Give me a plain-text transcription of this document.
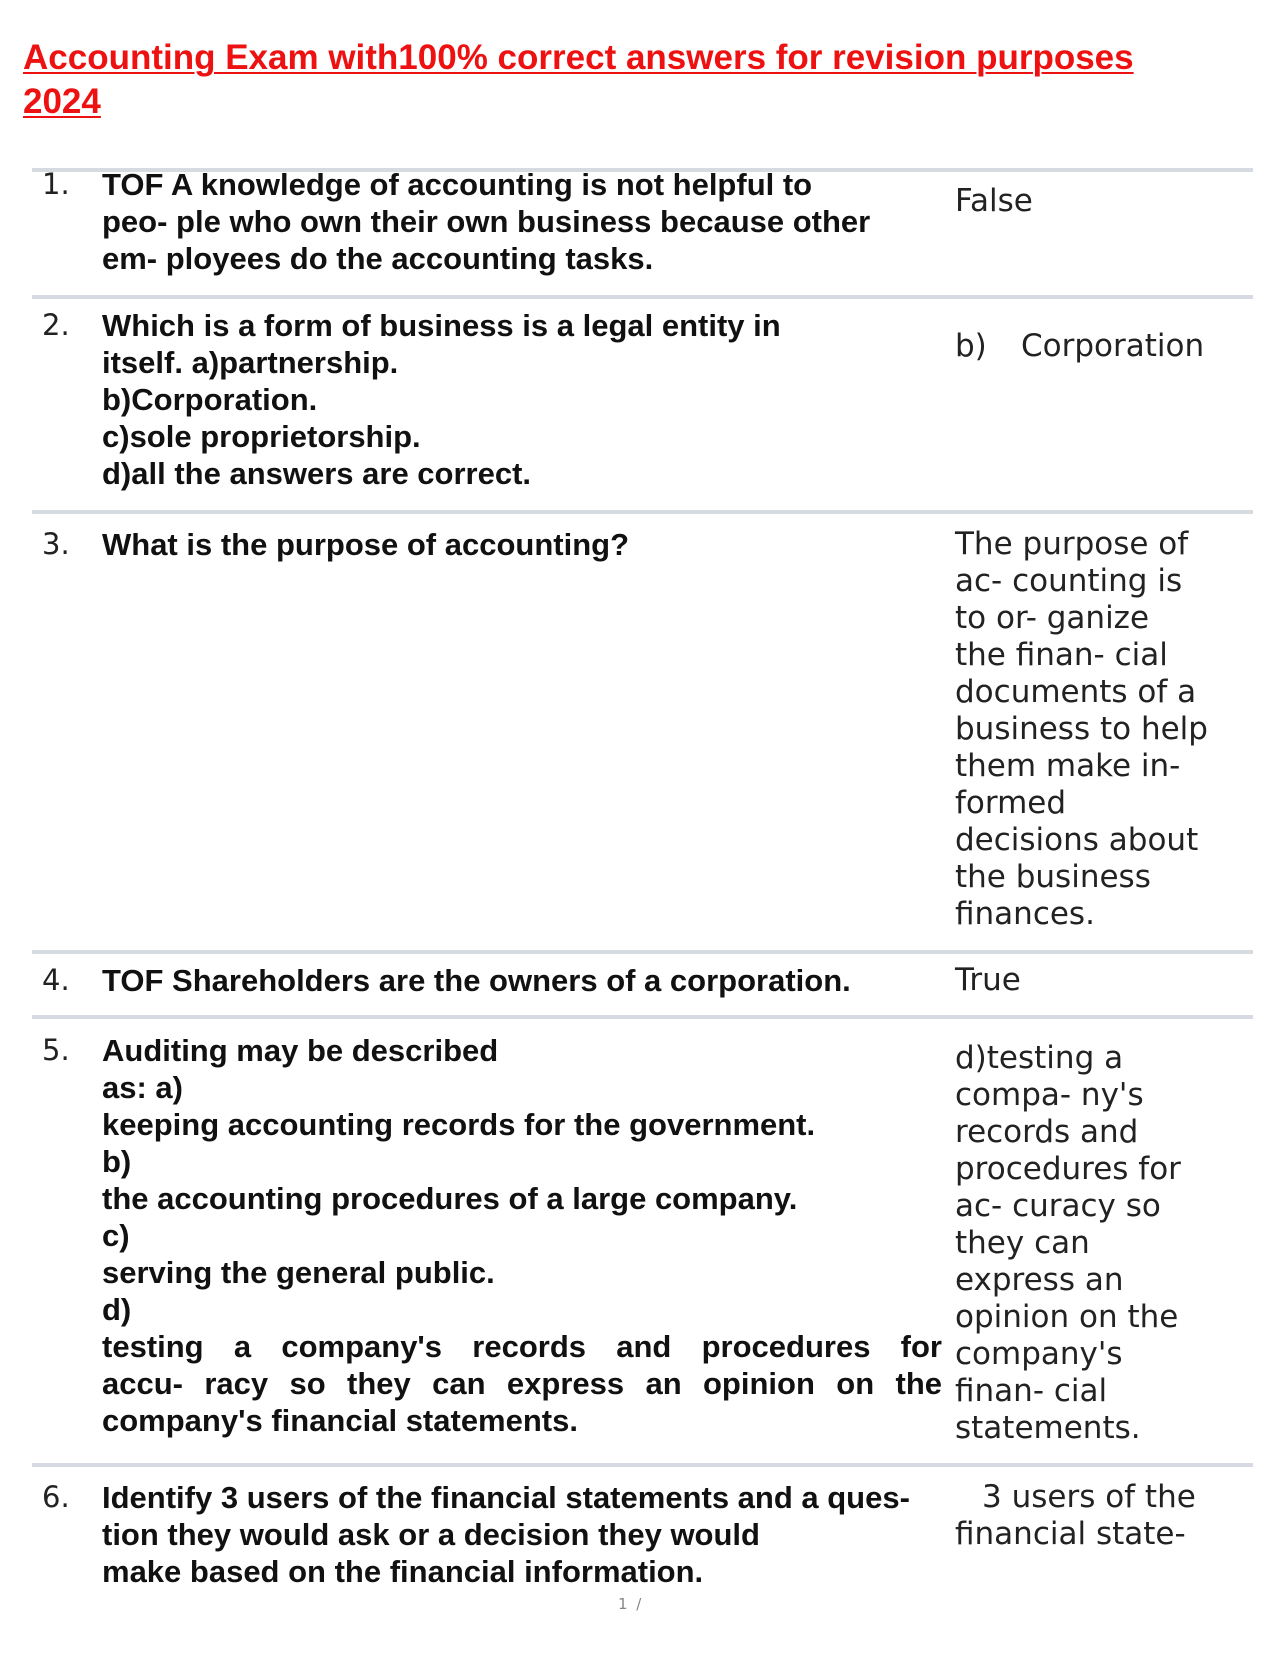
Accounting Exam with100% correct answers for revision purposes
2024
1. TOF A knowledge of accounting is not helpful to
peo- ple who own their own business because other
em- ployees do the accounting tasks.
False
2. Which is a form of business is a legal entity in
itself. a)partnership.
b)Corporation.
c)sole proprietorship.
d)all the answers are correct.
b) Corporation
3. What is the purpose of accounting?	The purpose of
ac- counting is
to or- ganize
the finan- cial
documents of a
business to help
them make in-
formed
decisions about
the business
finances.
4. TOF Shareholders are the owners of a corporation.	True
5. Auditing may be described
as: a)
keeping accounting records for the government.
b)
the accounting procedures of a large company.
c)
serving the general public.
d)
testing a company's records and procedures for
accu- racy so they can express an opinion on the
company's financial statements.
d)testing a
compa- ny's
records and
procedures for
ac- curacy so
they can
express an
opinion on the
company's
finan- cial
statements.
6. Identify 3 users of the financial statements and a ques-
tion they would ask or a decision they would
make based on the financial information.
3 users of the
financial state-
1 /
